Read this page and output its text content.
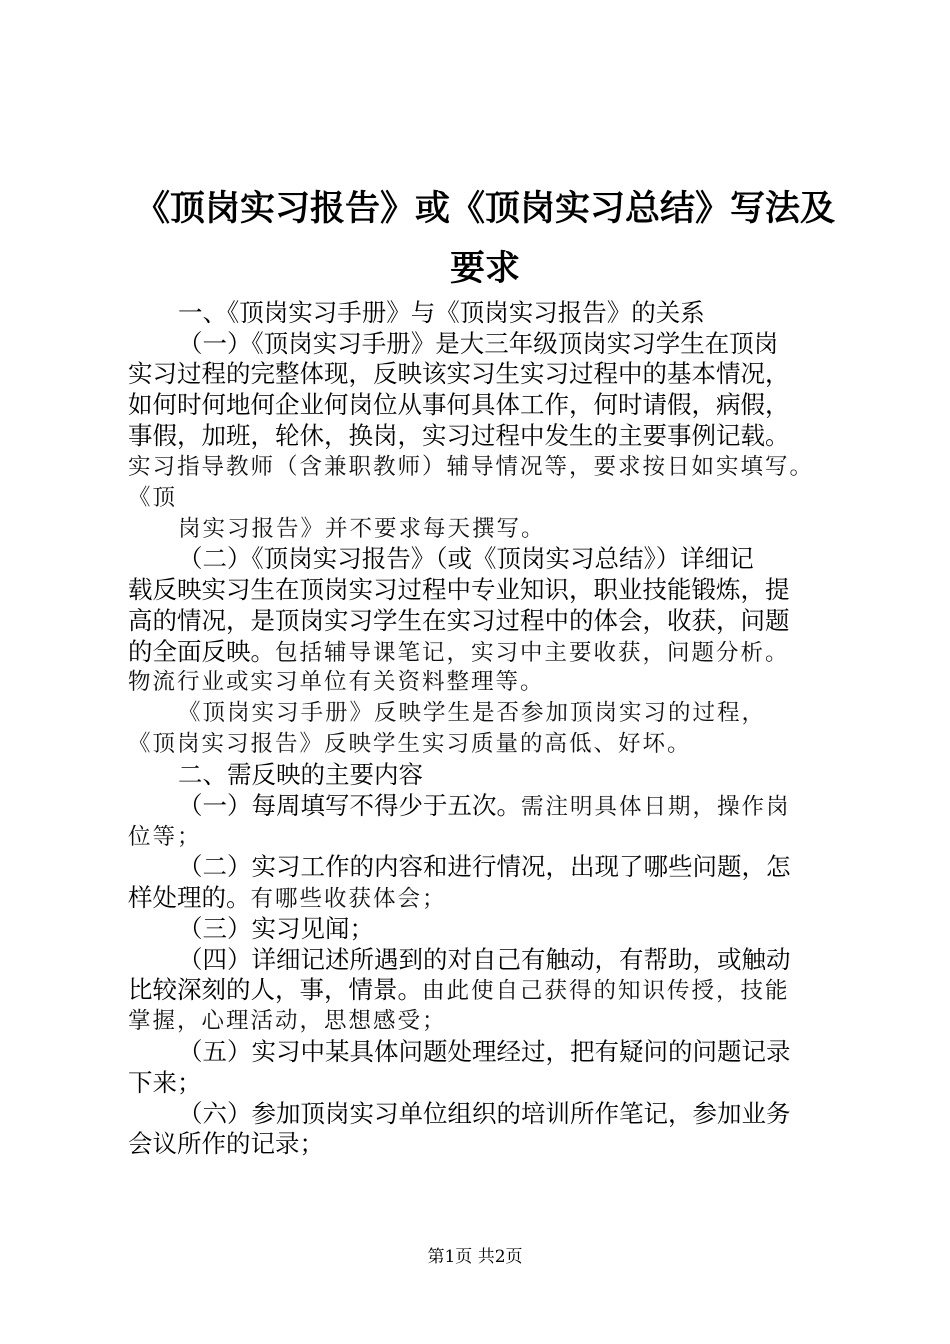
《顶岗实习报告》或《顶岗实习总结》写法及
要求
一、《顶岗实习手册》与《顶岗实习报告》的关系
（一）《顶岗实习手册》是大三年级顶岗实习学生在顶岗
实习过程的完整体现，反映该实习生实习过程中的基本情况，
如何时何地何企业何岗位从事何具体工作，何时请假，病假，
事假，加班，轮休，换岗，实习过程中发生的主要事例记载。
实习指导教师（含兼职教师）辅导情况等，要求按日如实填写。
《顶
岗实习报告》并不要求每天撰写。
（二）《顶岗实习报告》（或《顶岗实习总结》）详细记
载反映实习生在顶岗实习过程中专业知识，职业技能锻炼，提
高的情况，是顶岗实习学生在实习过程中的体会，收获，问题
的全面反映。包括辅导课笔记，实习中主要收获，问题分析。
物流行业或实习单位有关资料整理等。
《顶岗实习手册》反映学生是否参加顶岗实习的过程，
《顶岗实习报告》反映学生实习质量的高低、好坏。
二、需反映的主要内容
（一）每周填写不得少于五次。需注明具体日期，操作岗
位等；
（二）实习工作的内容和进行情况，出现了哪些问题，怎
样处理的。有哪些收获体会；
（三）实习见闻；
（四）详细记述所遇到的对自己有触动，有帮助，或触动
比较深刻的人，事，情景。由此使自己获得的知识传授，技能
掌握，心理活动，思想感受；
（五）实习中某具体问题处理经过，把有疑问的问题记录
下来；
（六）参加顶岗实习单位组织的培训所作笔记，参加业务
会议所作的记录；
第1页 共2页
